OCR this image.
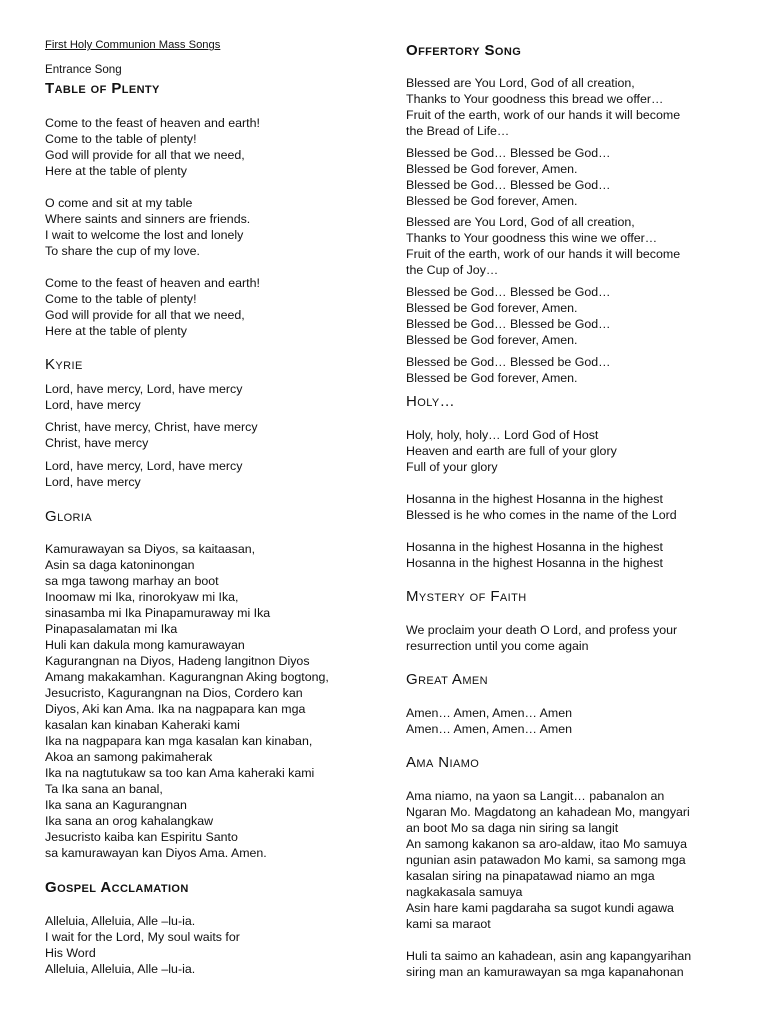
First Holy Communion Mass Songs
Entrance Song
Table of Plenty
Come to the feast of heaven and earth!
Come to the table of plenty!
God will provide for all that we need,
Here at the table of plenty
O come and sit at my table
Where saints and sinners are friends.
I wait to welcome the lost and lonely
To share the cup of my love.
Come to the feast of heaven and earth!
Come to the table of plenty!
God will provide for all that we need,
Here at the table of plenty
Kyrie
Lord, have mercy, Lord, have mercy
Lord, have mercy
Christ, have mercy, Christ, have mercy
Christ, have mercy
Lord, have mercy, Lord, have mercy
Lord, have mercy
Gloria
Kamurawayan sa Diyos, sa kaitaasan,
Asin sa daga katoninongan
sa mga tawong marhay an boot
Inoomaw mi Ika, rinorokyaw mi Ika,
sinasamba mi Ika Pinapamuraway mi Ika
Pinapasalamatan mi Ika
Huli kan dakula mong kamurawayan
Kagurangnan na Diyos, Hadeng langitnon Diyos
Amang makakamhan. Kagurangnan Aking bogtong,
Jesucristo, Kagurangnan na Dios, Cordero kan
Diyos, Aki kan Ama. Ika na nagpapara kan mga
kasalan kan kinaban Kaheraki kami
Ika na nagpapara kan mga kasalan kan kinaban,
Akoa an samong pakimaherak
Ika na nagtutukaw sa too kan Ama kaheraki kami
Ta Ika sana an banal,
Ika sana an Kagurangnan
Ika sana an orog kahalangkaw
Jesucristo kaiba kan Espiritu Santo
sa kamurawayan kan Diyos Ama. Amen.
Gospel Acclamation
Alleluia, Alleluia, Alle –lu-ia.
I wait for the Lord, My soul waits for
His Word
Alleluia, Alleluia, Alle –lu-ia.
Offertory Song
Blessed are You Lord, God of all creation,
Thanks to Your goodness this bread we offer…
Fruit of the earth, work of our hands it will become
the Bread of Life…
Blessed be God… Blessed be God…
Blessed be God forever, Amen.
Blessed be God… Blessed be God…
Blessed be God forever, Amen.
Blessed are You Lord, God of all creation,
Thanks to Your goodness this wine we offer…
Fruit of the earth, work of our hands it will become
the Cup of Joy…
Blessed be God… Blessed be God…
Blessed be God forever, Amen.
Blessed be God… Blessed be God…
Blessed be God forever, Amen.
Blessed be God… Blessed be God…
Blessed be God forever, Amen.
Holy…
Holy, holy, holy… Lord God of Host
Heaven and earth are full of your glory
Full of your glory
Hosanna in the highest Hosanna in the highest
Blessed is he who comes in the name of the Lord
Hosanna in the highest Hosanna in the highest
Hosanna in the highest Hosanna in the highest
Mystery of Faith
We proclaim your death O Lord, and profess your
resurrection until you come again
Great Amen
Amen… Amen, Amen… Amen
Amen… Amen, Amen… Amen
Ama Niamo
Ama niamo, na yaon sa Langit… pabanalon an
Ngaran Mo. Magdatong an kahadean Mo, mangyari
an boot Mo sa daga nin siring sa langit
An samong kakanon sa aro-aldaw, itao Mo samuya
ngunian asin patawadon Mo kami, sa samong mga
kasalan siring na pinapatawad niamo an mga
nagkakasala samuya
Asin hare kami pagdaraha sa sugot kundi agawa
kami sa maraot
Huli ta saimo an kahadean, asin ang kapangyarihan
siring man an kamurawayan sa mga kapanahonan
